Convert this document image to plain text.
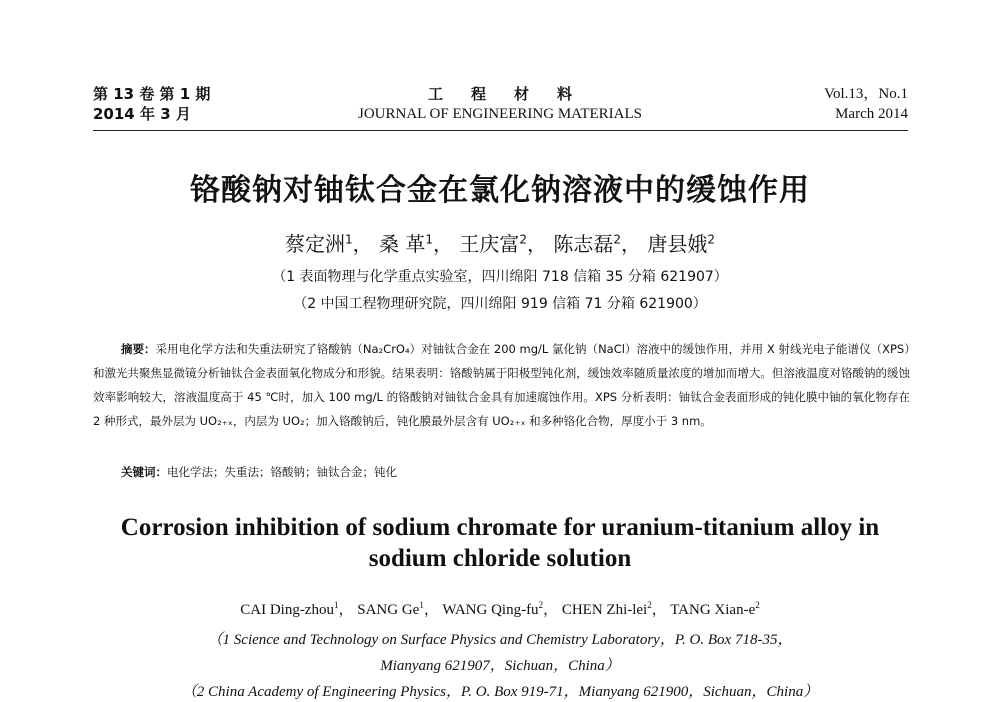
第 13 卷 第 1 期
2014 年 3 月
工程材料
JOURNAL OF ENGINEERING MATERIALS
Vol.13，No.1
March 2014
铬酸钠对铀钛合金在氯化钠溶液中的缓蚀作用
蔡定洲$^1$， 桑 革$^1$， 王庆富$^2$， 陈志磊$^2$， 唐县娥$^2$
（1 表面物理与化学重点实验室，四川绵阳 718 信箱 35 分箱 621907）
（2 中国工程物理研究院，四川绵阳 919 信箱 71 分箱 621900）
摘要：采用电化学方法和失重法研究了铬酸钠（Na₂CrO₄）对铀钛合金在 200 mg/L 氯化钠（NaCl）溶液中的缓蚀作用，并用 X 射线光电子能谱仪（XPS）和激光共聚焦显微镜分析铀钛合金表面氧化物成分和形貌。结果表明：铬酸钠属于阳极型钝化剂，缓蚀效率随质量浓度的增加而增大。但溶液温度对铬酸钠的缓蚀效率影响较大，溶液温度高于 45 ℃时，加入 100 mg/L 的铬酸钠对铀钛合金具有加速腐蚀作用。XPS 分析表明：铀钛合金表面形成的钝化膜中铀的氧化物存在 2 种形式，最外层为 UO₂₊ₓ，内层为 UO₂；加入铬酸钠后，钝化膜最外层含有 UO₂₊ₓ 和多种铬化合物，厚度小于 3 nm。
关键词：电化学法；失重法；铬酸钠；铀钛合金；钝化
Corrosion inhibition of sodium chromate for uranium-titanium alloy in sodium chloride solution
CAI Ding-zhou$^1$， SANG Ge$^1$， WANG Qing-$fu^2$， CHEN Zhi-lei$^2$， TANG Xian-$e^2$
（1 Science and Technology on Surface Physics and Chemistry Laboratory，P. O. Box 718-35，
Mianyang 621907，Sichuan，China）
（2 China Academy of Engineering Physics，P. O. Box 919-71，Mianyang 621900，Sichuan，China）
